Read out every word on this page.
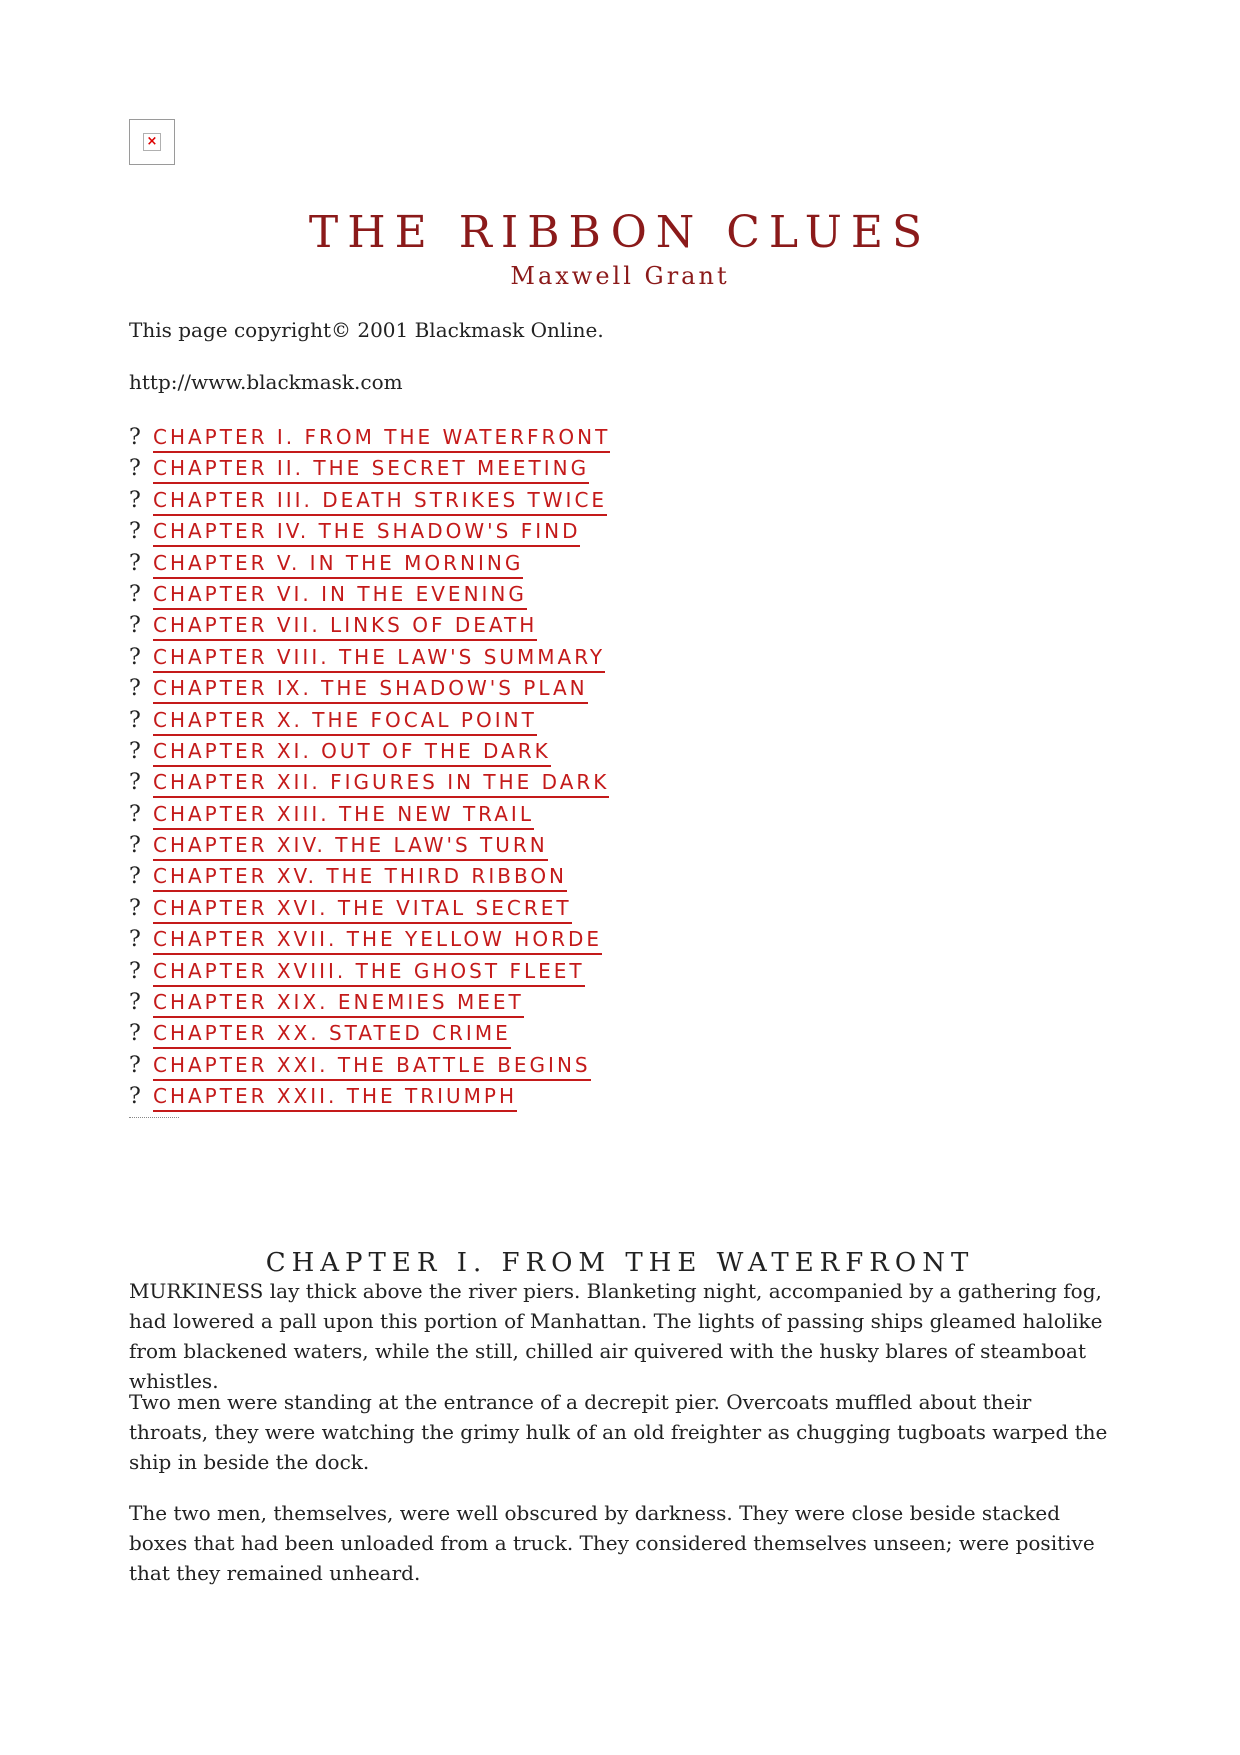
×
THE RIBBON CLUES
Maxwell Grant
This page copyright© 2001 Blackmask Online.
http://www.blackmask.com
? CHAPTER I. FROM THE WATERFRONT
? CHAPTER II. THE SECRET MEETING
? CHAPTER III. DEATH STRIKES TWICE
? CHAPTER IV. THE SHADOW'S FIND
? CHAPTER V. IN THE MORNING
? CHAPTER VI. IN THE EVENING
? CHAPTER VII. LINKS OF DEATH
? CHAPTER VIII. THE LAW'S SUMMARY
? CHAPTER IX. THE SHADOW'S PLAN
? CHAPTER X. THE FOCAL POINT
? CHAPTER XI. OUT OF THE DARK
? CHAPTER XII. FIGURES IN THE DARK
? CHAPTER XIII. THE NEW TRAIL
? CHAPTER XIV. THE LAW'S TURN
? CHAPTER XV. THE THIRD RIBBON
? CHAPTER XVI. THE VITAL SECRET
? CHAPTER XVII. THE YELLOW HORDE
? CHAPTER XVIII. THE GHOST FLEET
? CHAPTER XIX. ENEMIES MEET
? CHAPTER XX. STATED CRIME
? CHAPTER XXI. THE BATTLE BEGINS
? CHAPTER XXII. THE TRIUMPH
CHAPTER I. FROM THE WATERFRONT

MURKINESS lay thick above the river piers. Blanketing night, accompanied by a gathering fog, had lowered a pall upon this portion of Manhattan. The lights of passing ships gleamed halolike from blackened waters, while the still, chilled air quivered with the husky blares of steamboat whistles.

Two men were standing at the entrance of a decrepit pier. Overcoats muffled about their throats, they were watching the grimy hulk of an old freighter as chugging tugboats warped the ship in beside the dock.

The two men, themselves, were well obscured by darkness. They were close beside stacked boxes that had been unloaded from a truck. They considered themselves unseen; were positive that they remained unheard.
